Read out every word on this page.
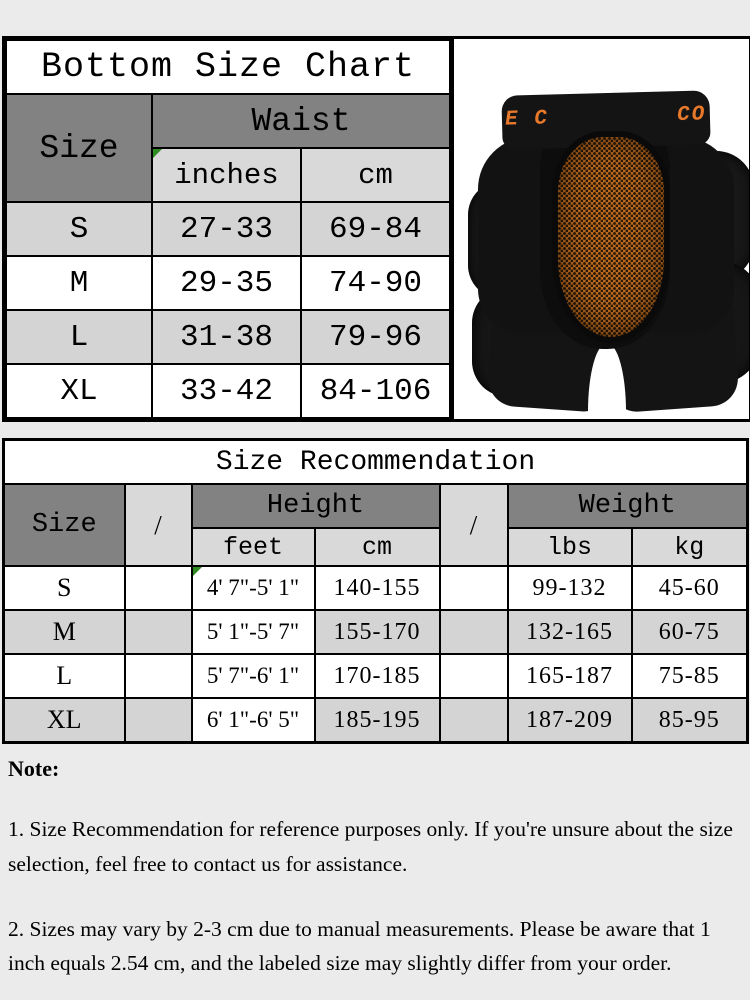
Bottom Size Chart		
Size	Waist	

inches	cm
S	27-33	69-84
M	29-35	74-90
L	31-38	79-96
XL	33-42	84-106
E C	CO
Size Recommendation						
Size	/	Height		/	Weight	
		feet	cm		lbs	kg
S		4' 7"-5' 1"	140-155		99-132	45-60
M		5' 1"-5' 7"	155-170		132-165	60-75
L		5' 7"-6' 1"	170-185		165-187	75-85
XL		6' 1"-6' 5"	185-195		187-209	85-95

Note:

1. Size Recommendation for reference purposes only. If you're unsure about the size selection, feel free to contact us for assistance.

2. Sizes may vary by 2-3 cm due to manual measurements. Please be aware that 1 inch equals 2.54 cm, and the labeled size may slightly differ from your order.
